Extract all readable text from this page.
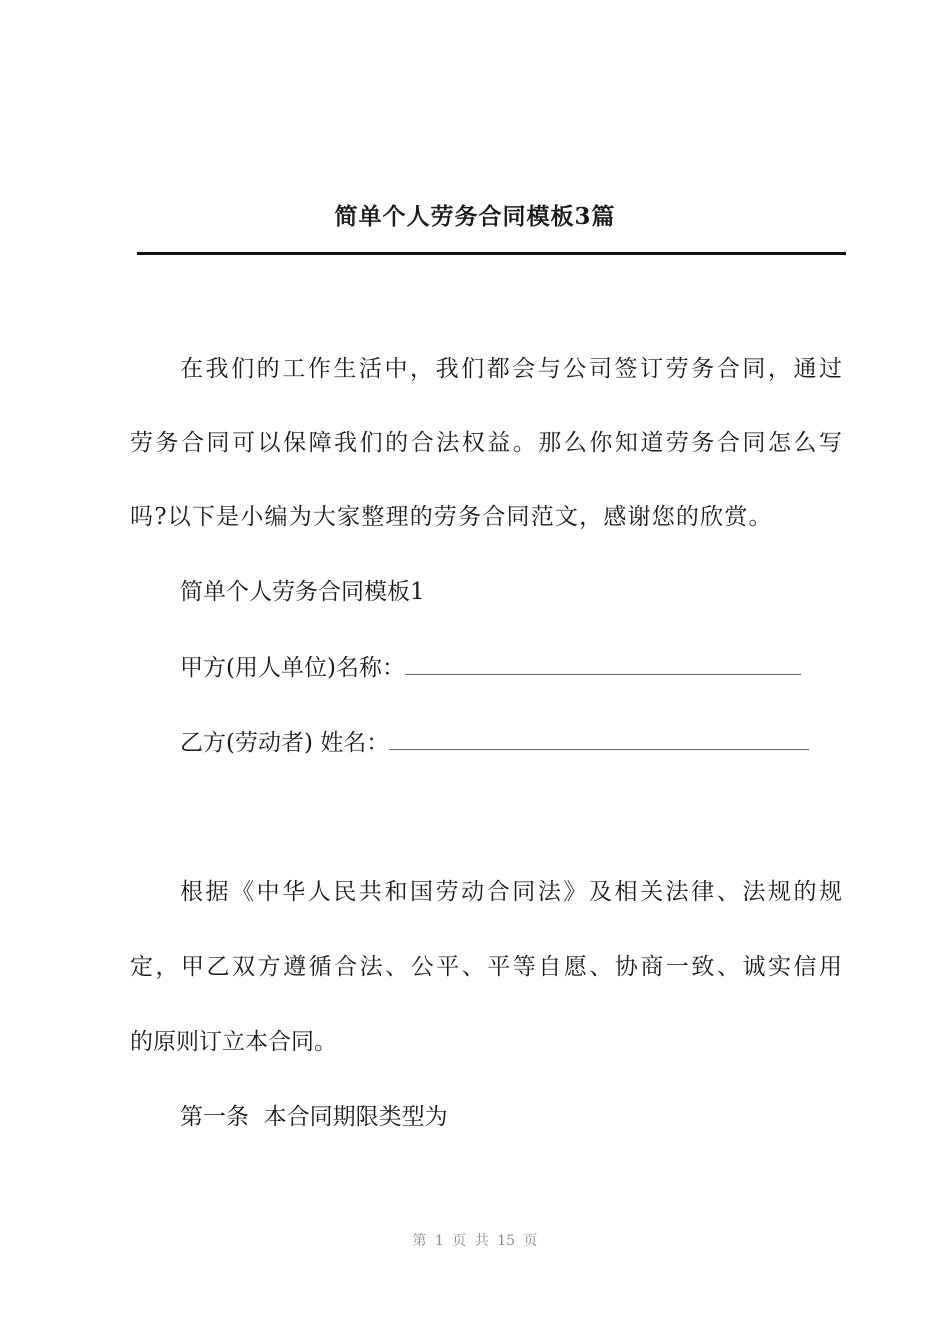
简单个人劳务合同模板3篇
在我们的工作生活中，我们都会与公司签订劳务合同，通过
劳务合同可以保障我们的合法权益。那么你知道劳务合同怎么写
吗?以下是小编为大家整理的劳务合同范文，感谢您的欣赏。
简单个人劳务合同模板1
甲方(用人单位)名称：
乙方(劳动者) 姓名：
根据《中华人民共和国劳动合同法》及相关法律、法规的规
定，甲乙双方遵循合法、公平、平等自愿、协商一致、诚实信用
的原则订立本合同。
第一条  本合同期限类型为
第 1 页 共 15 页
